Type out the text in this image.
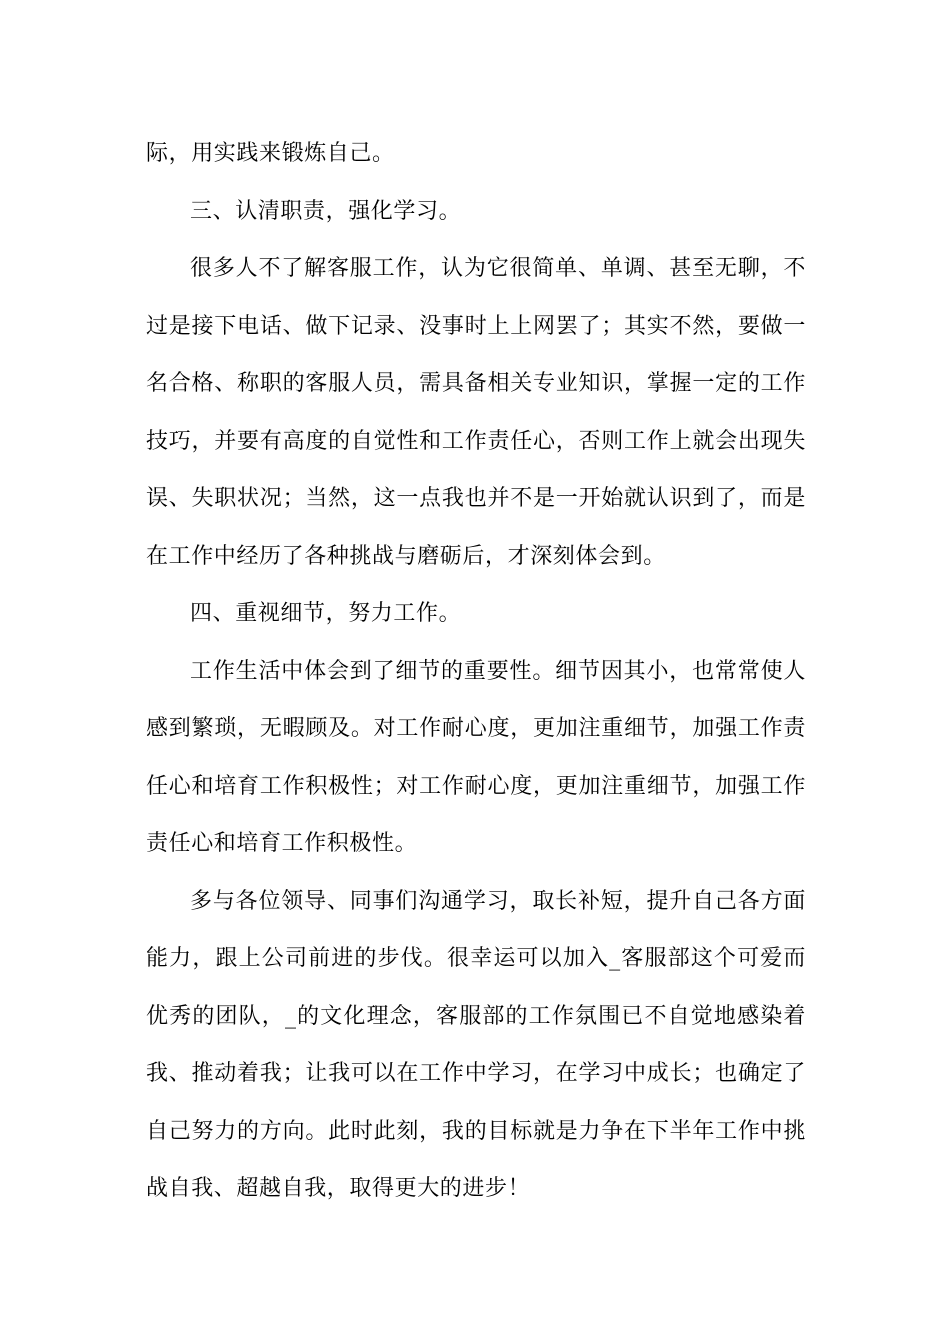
际，用实践来锻炼自己。

三、认清职责，强化学习。

很多人不了解客服工作，认为它很简单、单调、甚至无聊，不过是接下电话、做下记录、没事时上上网罢了；其实不然，要做一名合格、称职的客服人员，需具备相关专业知识，掌握一定的工作技巧，并要有高度的自觉性和工作责任心，否则工作上就会出现失误、失职状况；当然，这一点我也并不是一开始就认识到了，而是在工作中经历了各种挑战与磨砺后，才深刻体会到。

四、重视细节，努力工作。

工作生活中体会到了细节的重要性。细节因其小，也常常使人感到繁琐，无暇顾及。对工作耐心度，更加注重细节，加强工作责任心和培育工作积极性；对工作耐心度，更加注重细节，加强工作责任心和培育工作积极性。

多与各位领导、同事们沟通学习，取长补短，提升自己各方面能力，跟上公司前进的步伐。很幸运可以加入_客服部这个可爱而优秀的团队，_的文化理念，客服部的工作氛围已不自觉地感染着我、推动着我；让我可以在工作中学习，在学习中成长；也确定了自己努力的方向。此时此刻，我的目标就是力争在下半年工作中挑战自我、超越自我，取得更大的进步！
